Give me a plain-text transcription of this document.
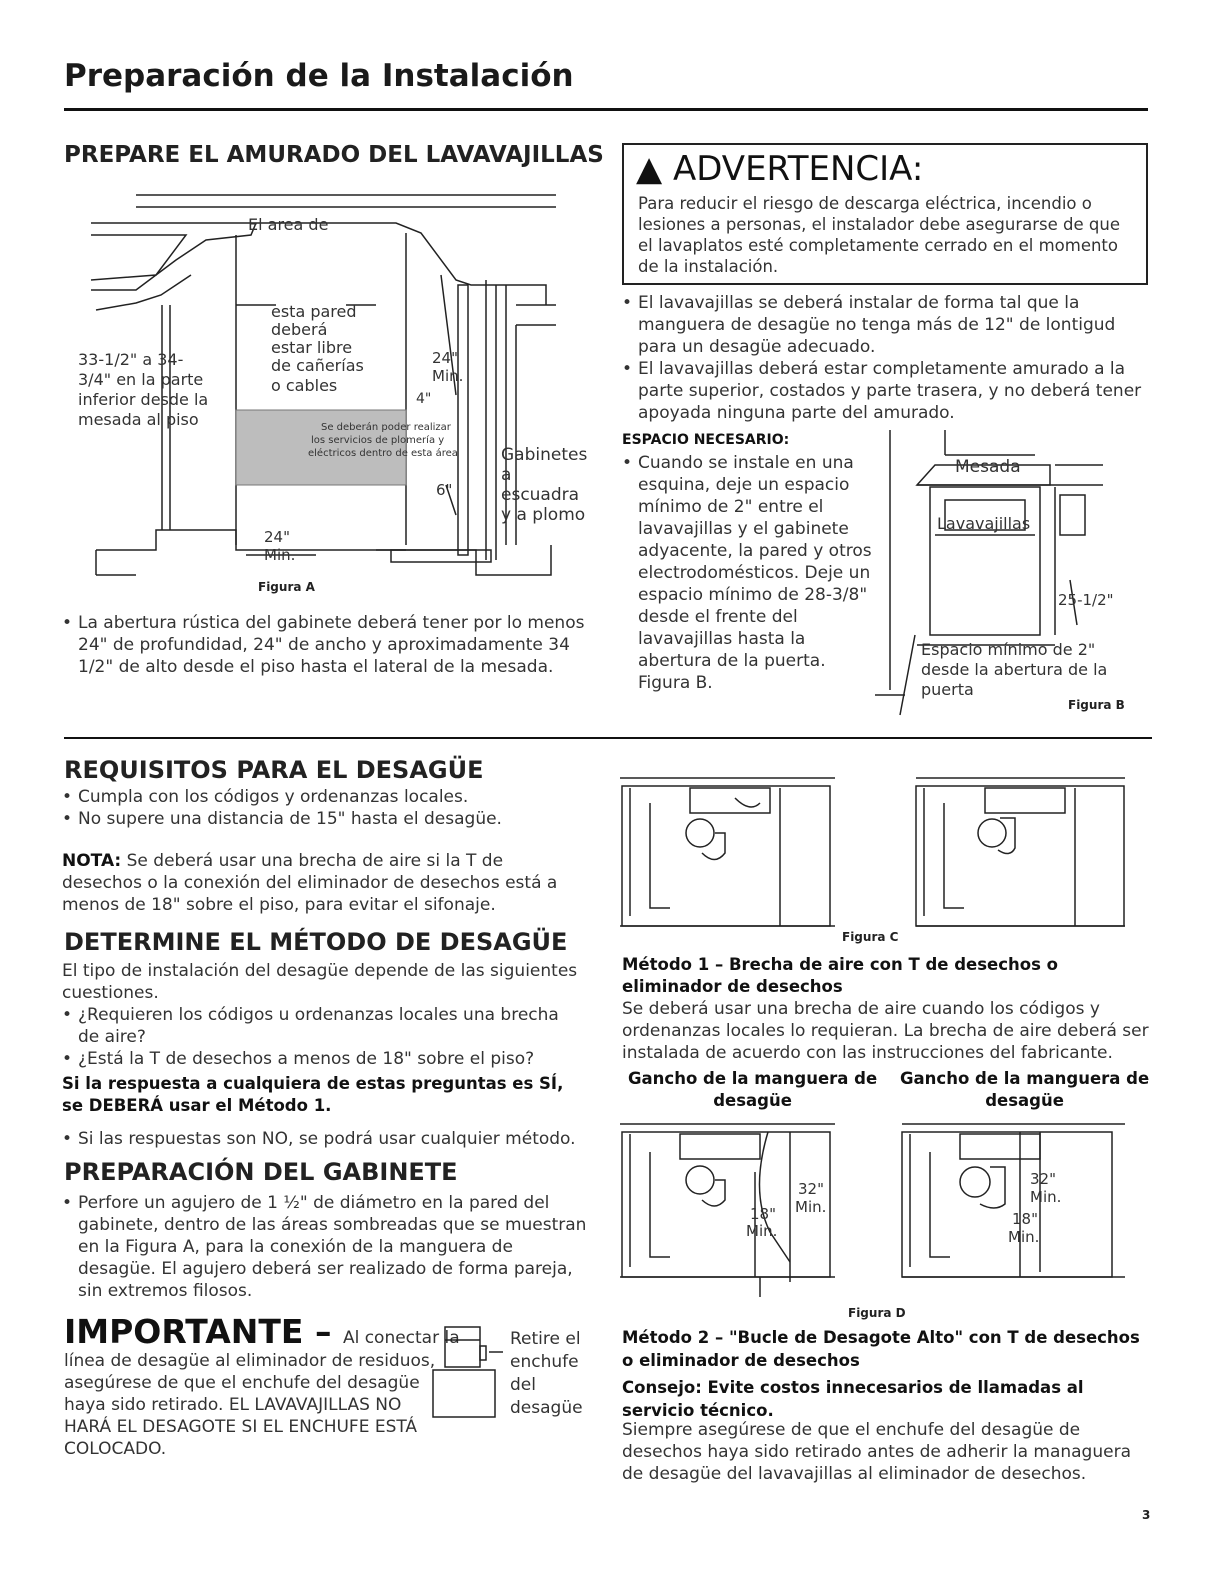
Preparación de la Instalación
PREPARE EL AMURADO DEL LAVAVAJILLAS
El area de
esta pared
deberá
estar libre
de cañerías
o cables
33-1/2" a 34-
3/4" en la parte
inferior desde la
mesada al piso	Se deberán poder realizar
los servicios de plomería y
eléctricos dentro de esta área
24"
Min.
4"
6"
24"
Min.
Gabinetes
a
escuadra
y a plomo
Figura A
• La abertura rústica del gabinete deberá tener por lo menos 24" de profundidad, 24" de ancho y aproximadamente 34 1/2" de alto desde el piso hasta el lateral de la mesada.
▲ ADVERTENCIA:
Para reducir el riesgo de descarga eléctrica, incendio o lesiones a personas, el instalador debe asegurarse de que el lavaplatos esté completamente cerrado en el momento de la instalación.
• El lavavajillas se deberá instalar de forma tal que la manguera de desagüe no tenga más de 12" de lontigud para un desagüe adecuado.
• El lavavajillas deberá estar completamente amurado a la parte superior, costados y parte trasera, y no deberá tener apoyada ninguna parte del amurado.
ESPACIO NECESARIO:
• Cuando se instale en una esquina, deje un espacio mínimo de 2" entre el lavavajillas y el gabinete adyacente, la pared y otros electrodomésticos. Deje un espacio mínimo de 28-3/8" desde el frente del lavavajillas hasta la abertura de la puerta. Figura B.
Mesada
Lavavajillas
25-1/2"
Espacio mínimo de 2"
desde la abertura de la
puerta
Figura B
REQUISITOS PARA EL DESAGÜE
• Cumpla con los códigos y ordenanzas locales.
• No supere una distancia de 15" hasta el desagüe.
NOTA: Se deberá usar una brecha de aire si la T de desechos o la conexión del eliminador de desechos está a menos de 18" sobre el piso, para evitar el sifonaje.
DETERMINE EL MÉTODO DE DESAGÜE
El tipo de instalación del desagüe depende de las siguientes cuestiones.
• ¿Requieren los códigos u ordenanzas locales una brecha de aire?
• ¿Está la T de desechos a menos de 18" sobre el piso?
Si la respuesta a cualquiera de estas preguntas es SÍ,
se DEBERÁ usar el Método 1.
• Si las respuestas son NO, se podrá usar cualquier método.
PREPARACIÓN DEL GABINETE
• Perfore un agujero de 1 ½" de diámetro en la pared del gabinete, dentro de las áreas sombreadas que se muestran en la Figura A, para la conexión de la manguera de desagüe. El agujero deberá ser realizado de forma pareja, sin extremos filosos.
IMPORTANTE – Al conectar la
línea de desagüe al eliminador de residuos,
asegúrese de que el enchufe del desagüe
haya sido retirado. EL LAVAVAJILLAS NO
HARÁ EL DESAGOTE SI EL ENCHUFE ESTÁ
COLOCADO.
Retire el
enchufe
del
desagüe
Figura C
Método 1 – Brecha de aire con T de desechos o eliminador de desechos
Se deberá usar una brecha de aire cuando los códigos y ordenanzas locales lo requieran. La brecha de aire deberá ser instalada de acuerdo con las instrucciones del fabricante.
Gancho de la manguera de
desagüe
Gancho de la manguera de
desagüe
32"
Min.
18"
Min.
32"
Min.
18"
Min.
Figura D
Método 2 – "Bucle de Desagote Alto" con T de desechos o eliminador de desechos
Consejo: Evite costos innecesarios de llamadas al servicio técnico.
Siempre asegúrese de que el enchufe del desagüe de desechos haya sido retirado antes de adherir la managuera de desagüe del lavavajillas al eliminador de desechos.
3
